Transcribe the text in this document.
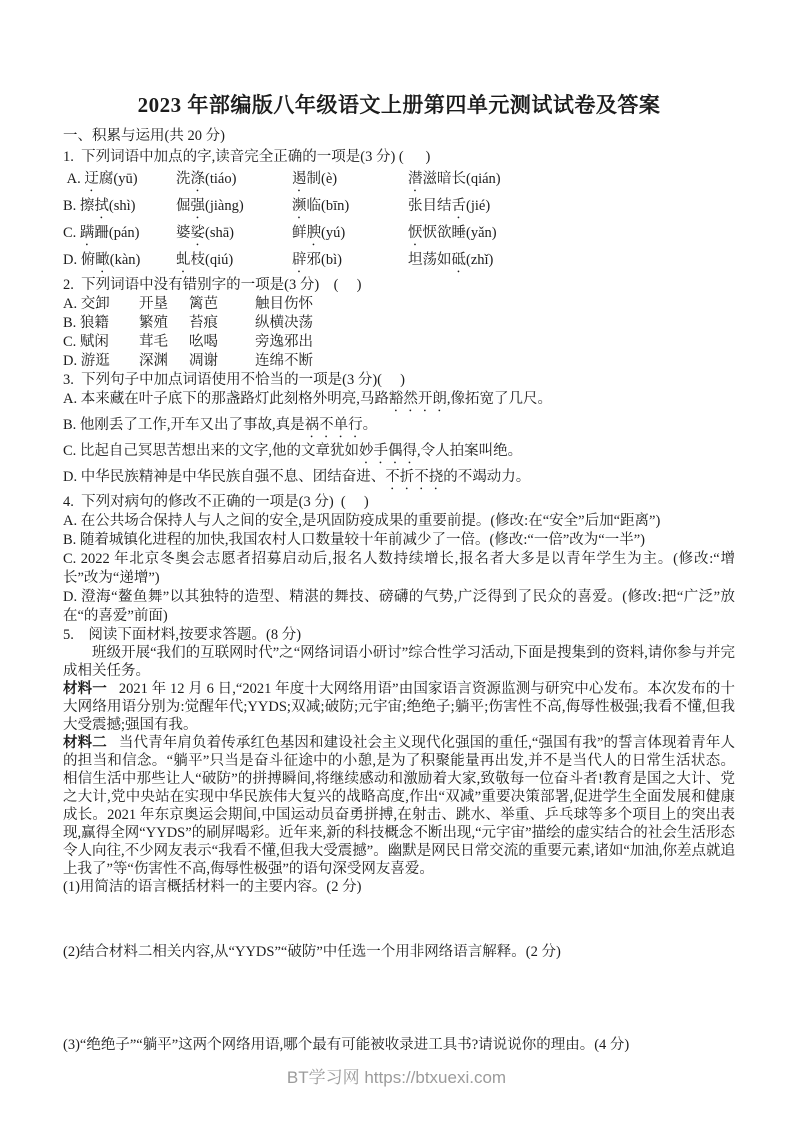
2023 年部编版八年级语文上册第四单元测试试卷及答案

一、积累与运用(共 20 分)

1.  下列词语中加点的字,读音完全正确的一项是(3 分) (      )

A. 迂腐(yū)	洗涤(tiáo)	遏制(è)	潜滋暗长(qián)
B. 擦拭(shì)	倔强(jiàng)	濒临(bīn)	张目结舌(jié)
C. 蹒跚(pán)	婆娑(shā)	鲜腴(yú)	恹恹欲睡(yǎn)
D. 俯瞰(kàn)	虬枝(qiú)	辟邪(bì)	坦荡如砥(zhǐ)

2.  下列词语中没有错别字的一项是(3 分)    (     )

A. 交卸	开垦	篱芭	触目伤怀
B. 狼籍	繁殖	苔痕	纵横决荡
C. 赋闲	茸毛	吆喝	旁逸邪出
D. 游逛	深渊	凋谢	连绵不断

3.  下列句子中加点词语使用不恰当的一项是(3 分)(     )

A. 本来藏在叶子底下的那盏路灯此刻格外明亮,马路豁然开朗,像拓宽了几尺。

B. 他刚丢了工作,开车又出了事故,真是祸不单行。

C. 比起自己冥思苦想出来的文字,他的文章犹如妙手偶得,令人拍案叫绝。

D. 中华民族精神是中华民族自强不息、团结奋进、不折不挠的不竭动力。

4.  下列对病句的修改不正确的一项是(3 分)  (     )

A. 在公共场合保持人与人之间的安全,是巩固防疫成果的重要前提。(修改:在“安全”后加“距离”)

B. 随着城镇化进程的加快,我国农村人口数量较十年前减少了一倍。(修改:“一倍”改为“一半”)

C. 2022 年北京冬奥会志愿者招募启动后,报名人数持续增长,报名者大多是以青年学生为主。(修改:“增长”改为“递增”)

D. 澄海“鳌鱼舞”以其独特的造型、精湛的舞技、磅礴的气势,广泛得到了民众的喜爱。(修改:把“广泛”放在“的喜爱”前面)

5.    阅读下面材料,按要求答题。(8 分)

班级开展“我们的互联网时代”之“网络词语小研讨”综合性学习活动,下面是搜集到的资料,请你参与并完成相关任务。

材料一 2021 年 12 月 6 日,“2021 年度十大网络用语”由国家语言资源监测与研究中心发布。本次发布的十大网络用语分别为:觉醒年代;YYDS;双减;破防;元宇宙;绝绝子;躺平;伤害性不高,侮辱性极强;我看不懂,但我大受震撼;强国有我。

材料二 当代青年肩负着传承红色基因和建设社会主义现代化强国的重任,“强国有我”的誓言体现着青年人的担当和信念。“躺平”只当是奋斗征途中的小憩,是为了积聚能量再出发,并不是当代人的日常生活状态。相信生活中那些让人“破防”的拼搏瞬间,将继续感动和激励着大家,致敬每一位奋斗者!教育是国之大计、党之大计,党中央站在实现中华民族伟大复兴的战略高度,作出“双减”重要决策部署,促进学生全面发展和健康成长。2021 年东京奥运会期间,中国运动员奋勇拼搏,在射击、跳水、举重、乒乓球等多个项目上的突出表现,赢得全网“YYDS”的刷屏喝彩。近年来,新的科技概念不断出现,“元宇宙”描绘的虚实结合的社会生活形态令人向往,不少网友表示“我看不懂,但我大受震撼”。幽默是网民日常交流的重要元素,诸如“加油,你差点就追上我了”等“伤害性不高,侮辱性极强”的语句深受网友喜爱。

(1)用简洁的语言概括材料一的主要内容。(2 分)

(2)结合材料二相关内容,从“YYDS”“破防”中任选一个用非网络语言解释。(2 分)

(3)“绝绝子”“躺平”这两个网络用语,哪个最有可能被收录进工具书?请说说你的理由。(4 分)

BT学习网 https://btxuexi.com
